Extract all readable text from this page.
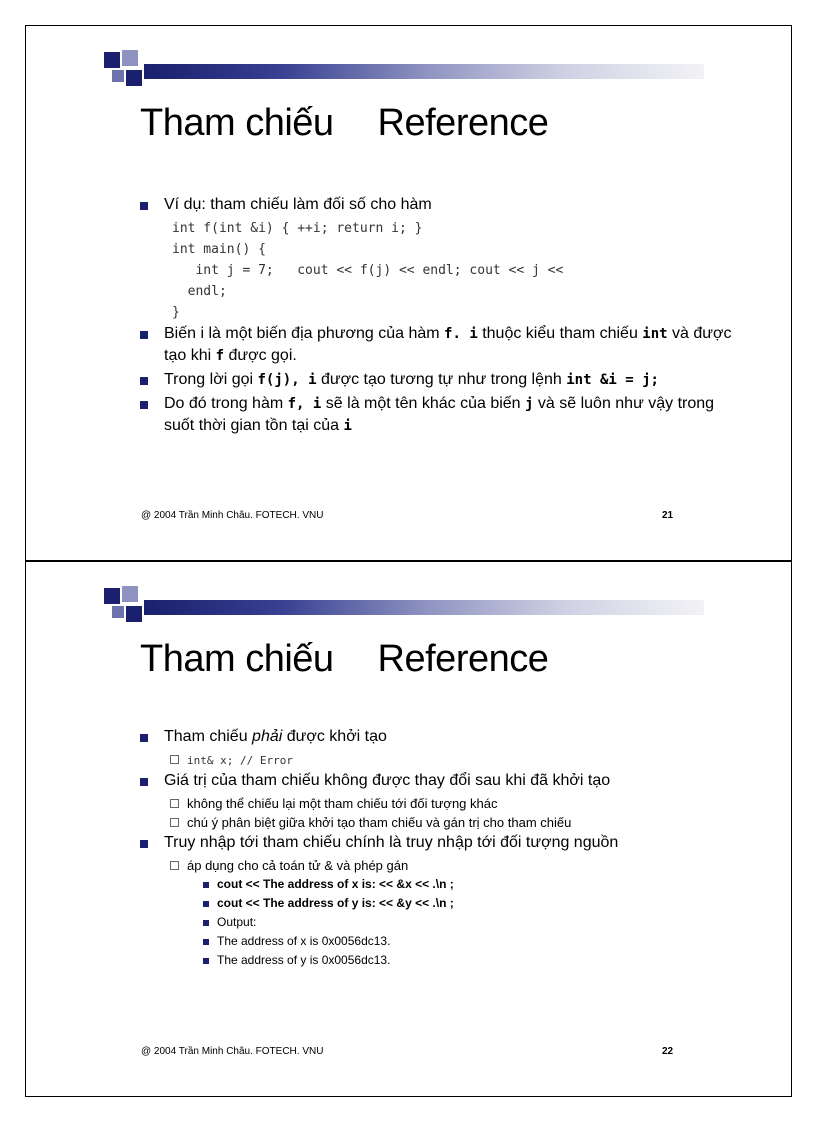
Tham chiếu Reference
Ví dụ: tham chiếu làm đối số cho hàm
int f(int &i) { ++i; return i; }
int main() {
int j = 7;   cout << f(j) << endl; cout << j <<
endl;
}
Biến i là một biến địa phương của hàm f. i thuộc kiểu tham chiếu int và được tạo khi f được gọi.
Trong lời gọi f(j), i được tạo tương tự như trong lệnh int &i = j;
Do đó trong hàm f, i sẽ là một tên khác của biến j và sẽ luôn như vậy trong suốt thời gian tồn tại của i
@ 2004 Trần Minh Châu. FOTECH. VNU	21
Tham chiếu Reference
Tham chiếu phải được khởi tạo
int& x; // Error
Giá trị của tham chiếu không được thay đổi sau khi đã khởi tạo
không thể chiếu lại một tham chiếu tới đối tượng khác
chú ý phân biệt giữa khởi tạo tham chiếu và gán trị cho tham chiếu
Truy nhập tới tham chiếu chính là truy nhập tới đối tượng nguồn
áp dụng cho cả toán tử & và phép gán
cout << The address of x is: << &x << .\n ;
cout << The address of y is: << &y << .\n ;
Output:
The address of x is 0x0056dc13.
The address of y is 0x0056dc13.
@ 2004 Trần Minh Châu. FOTECH. VNU	22
